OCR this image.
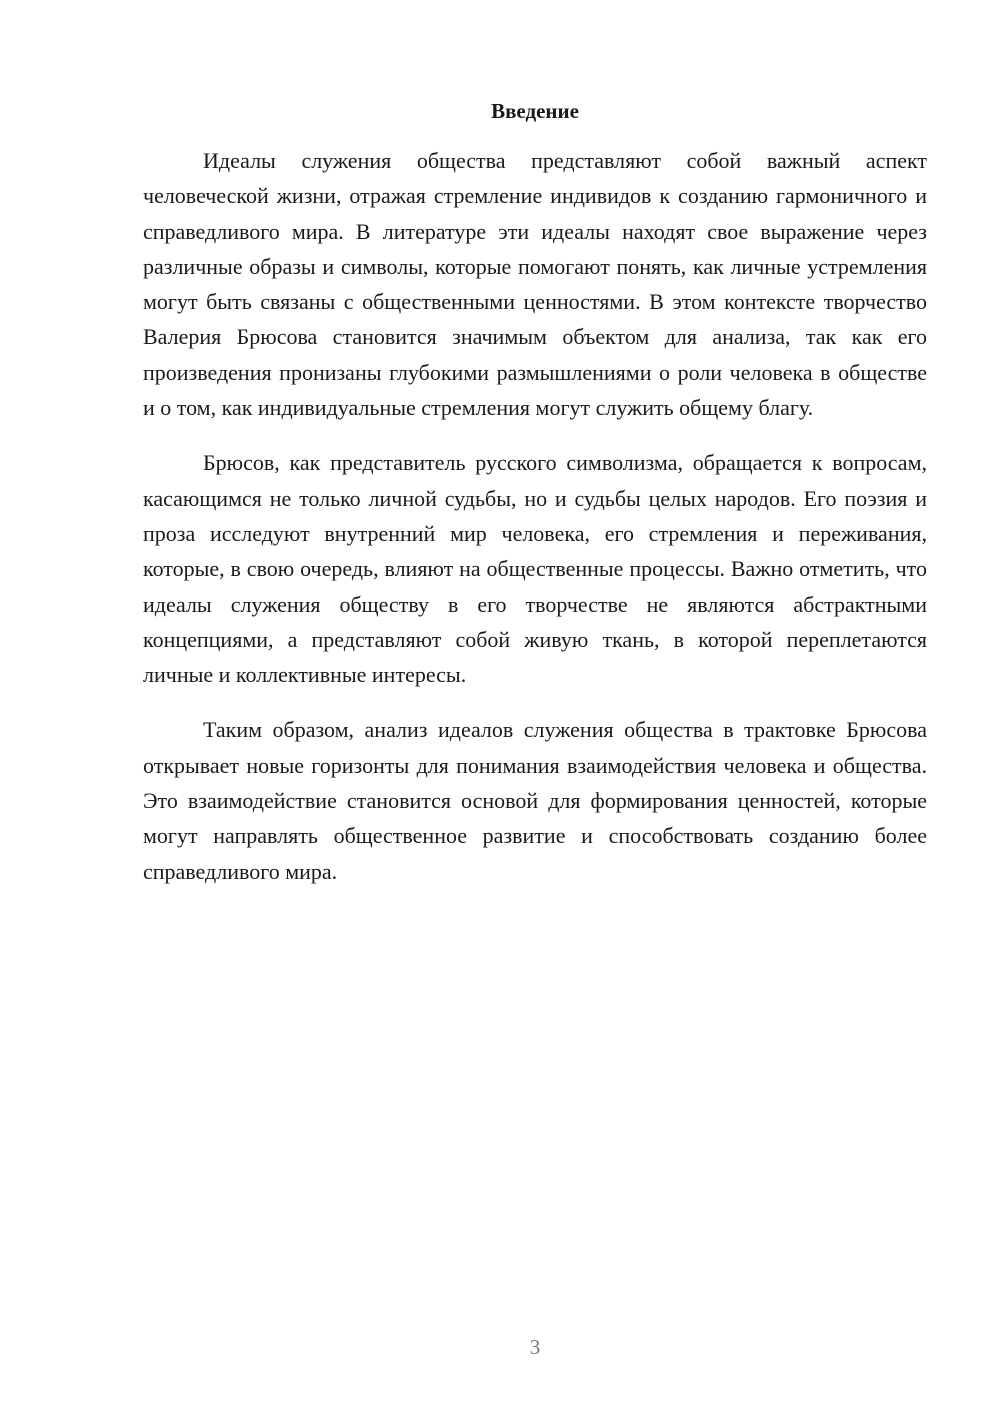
Введение

Идеалы служения общества представляют собой важный аспект человеческой жизни, отражая стремление индивидов к созданию гармоничного и справедливого мира. В литературе эти идеалы находят свое выражение через различные образы и символы, которые помогают понять, как личные устремления могут быть связаны с общественными ценностями. В этом контексте творчество Валерия Брюсова становится значимым объектом для анализа, так как его произведения пронизаны глубокими размышлениями о роли человека в обществе и о том, как индивидуальные стремления могут служить общему благу.

Брюсов, как представитель русского символизма, обращается к вопросам, касающимся не только личной судьбы, но и судьбы целых народов. Его поэзия и проза исследуют внутренний мир человека, его стремления и переживания, которые, в свою очередь, влияют на общественные процессы. Важно отметить, что идеалы служения обществу в его творчестве не являются абстрактными концепциями, а представляют собой живую ткань, в которой переплетаются личные и коллективные интересы.

Таким образом, анализ идеалов служения общества в трактовке Брюсова открывает новые горизонты для понимания взаимодействия человека и общества. Это взаимодействие становится основой для формирования ценностей, которые могут направлять общественное развитие и способствовать созданию более справедливого мира.

3
